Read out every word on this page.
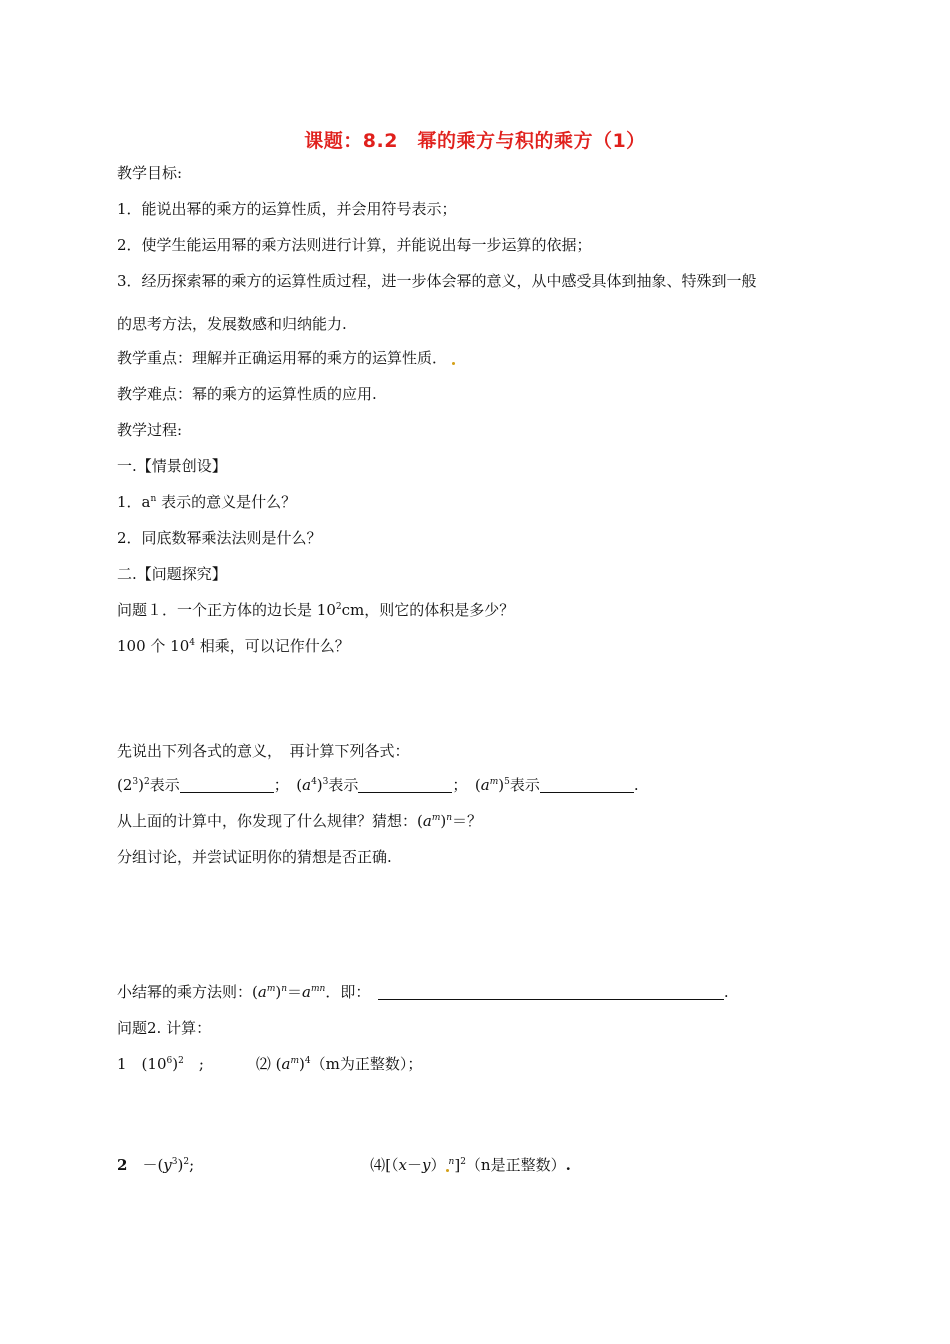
课题：8.2　幂的乘方与积的乘方（1）
教学目标:
1．能说出幂的乘方的运算性质，并会用符号表示；
2．使学生能运用幂的乘方法则进行计算，并能说出每一步运算的依据；
3．经历探索幂的乘方的运算性质过程，进一步体会幂的意义，从中感受具体到抽象、特殊到一般
的思考方法，发展数感和归纳能力.
教学重点：理解并正确运用幂的乘方的运算性质．
教学难点：幂的乘方的运算性质的应用.
教学过程:
一.【情景创设】
1．$a^n$ 表示的意义是什么？
2．同底数幂乘法法则是什么？
二.【问题探究】
问题１．一个正方体的边长是 $10^2cm$，则它的体积是多少？
100 个 $10^4$ 相乘，可以记作什么？
先说出下列各式的意义，　再计算下列各式：
$(2^3)^2$表示	；　$(a^4)^3$表示	；　$(a^m)^5$表示	.
从上面的计算中，你发现了什么规律？猜想：$(a^m)^n=$？
分组讨论，并尝试证明你的猜想是否正确.
小结幂的乘方法则：$(a^m)^n=a^{mn}$．即：　	.
问题2. 计算：
1　$(10^6)^2$　;	⑵ $(a^m)^4(m$为正整数）；
2　$-(y^3)^2$;	⑷[（x－y） $^n$]$^2$（n是正整数）.
